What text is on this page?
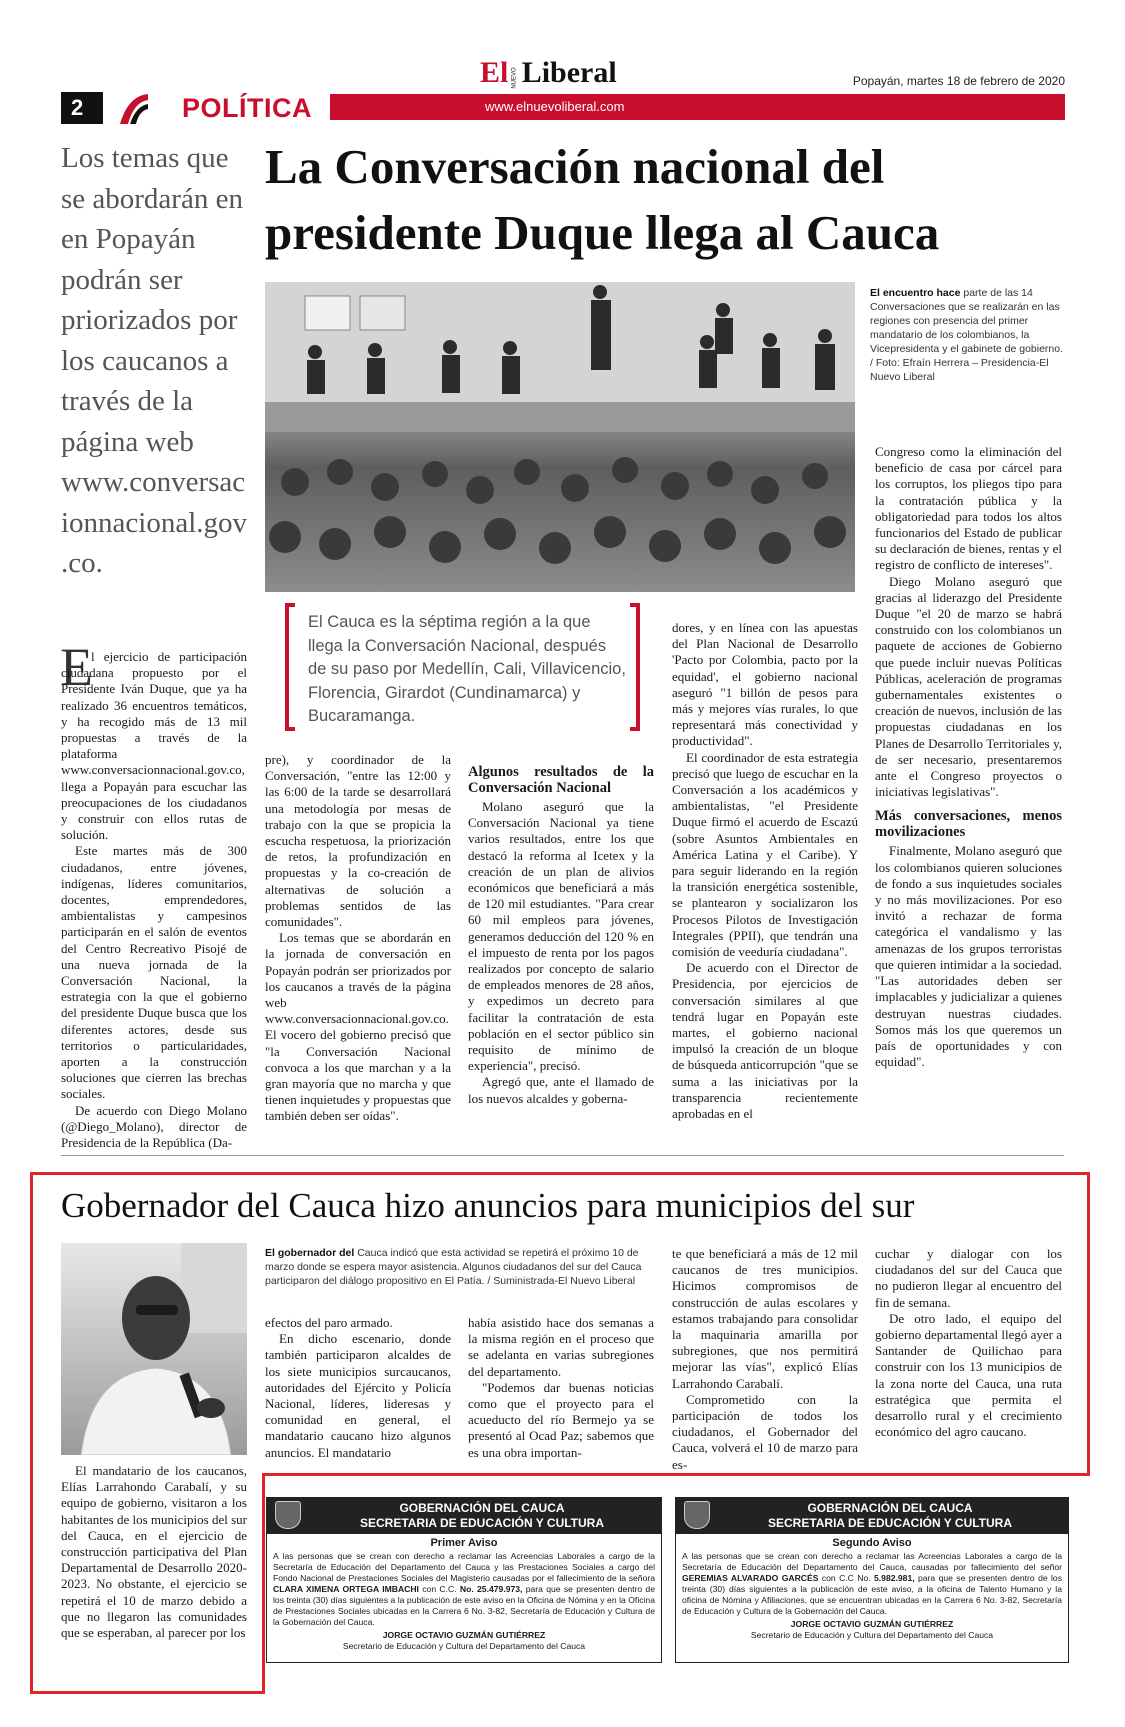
2	POLÍTICA	www.elnuevoliberal.com
El NUEVO Liberal	Popayán, martes 18 de febrero de 2020
La Conversación nacional del
presidente Duque llega al Cauca
Los temas que se abordarán en en Popayán podrán ser priorizados por los caucanos a través de la página web www.conversacionnacional.gov.co.
El encuentro hace parte de las 14 Conversaciones que se realizarán en las regiones con presencia del primer mandatario de los colombianos, la Vicepresidenta y el gabinete de gobierno. / Foto: Efraín Herrera – Presidencia-El Nuevo Liberal
El Cauca es la séptima región a la que llega la Conversación Nacional, después de su paso por Medellín, Cali, Villavicencio, Florencia, Girardot (Cundinamarca) y Bucaramanga.
E

l ejercicio de participación ciudadana propuesto por el Presidente Iván Duque, que ya ha realizado 36 encuentros temáticos, y ha recogido más de 13 mil propuestas a través de la plataforma www.conversacionnacional.gov.co, llega a Popayán para escuchar las preocupaciones de los ciudadanos y construir con ellos rutas de solución.

Este martes más de 300 ciudadanos, entre jóvenes, indígenas, líderes comunitarios, docentes, emprendedores, ambientalistas y campesinos participarán en el salón de eventos del Centro Recreativo Pisojé de una nueva jornada de la Conversación Nacional, la estrategia con la que el gobierno del presidente Duque busca que los diferentes actores, desde sus territorios o particularidades, aporten a la construcción soluciones que cierren las brechas sociales.

De acuerdo con Diego Molano (@Diego_Molano), director de Presidencia de la República (Da-

pre), y coordinador de la Conversación, "entre las 12:00 y las 6:00 de la tarde se desarrollará una metodología por mesas de trabajo con la que se propicia la escucha respetuosa, la priorización de retos, la profundización en propuestas y la co-creación de alternativas de solución a problemas sentidos de las comunidades".

Los temas que se abordarán en la jornada de conversación en Popayán podrán ser priorizados por los caucanos a través de la página web www.conversacionnacional.gov.co. El vocero del gobierno precisó que "la Conversación Nacional convoca a los que marchan y a la gran mayoría que no marcha y que tienen inquietudes y propuestas que también deben ser oídas".

Algunos resultados de la Conversación Nacional

Molano aseguró que la Conversación Nacional ya tiene varios resultados, entre los que destacó la reforma al Icetex y la creación de un plan de alivios económicos que beneficiará a más de 120 mil estudiantes. "Para crear 60 mil empleos para jóvenes, generamos deducción del 120 % en el impuesto de renta por los pagos realizados por concepto de salario de empleados menores de 28 años, y expedimos un decreto para facilitar la contratación de esta población en el sector público sin requisito de mínimo de experiencia", precisó.

Agregó que, ante el llamado de los nuevos alcaldes y goberna-

dores, y en línea con las apuestas del Plan Nacional de Desarrollo 'Pacto por Colombia, pacto por la equidad', el gobierno nacional aseguró "1 billón de pesos para más y mejores vías rurales, lo que representará más conectividad y productividad".

El coordinador de esta estrategia precisó que luego de escuchar en la Conversación a los académicos y ambientalistas, "el Presidente Duque firmó el acuerdo de Escazú (sobre Asuntos Ambientales en América Latina y el Caribe). Y para seguir liderando en la región la transición energética sostenible, se plantearon y socializaron los Procesos Pilotos de Investigación Integrales (PPII), que tendrán una comisión de veeduría ciudadana".

De acuerdo con el Director de Presidencia, por ejercicios de conversación similares al que tendrá lugar en Popayán este martes, el gobierno nacional impulsó la creación de un bloque de búsqueda anticorrupción "que se suma a las iniciativas por la transparencia recientemente aprobadas en el

Congreso como la eliminación del beneficio de casa por cárcel para los corruptos, los pliegos tipo para la contratación pública y la obligatoriedad para todos los altos funcionarios del Estado de publicar su declaración de bienes, rentas y el registro de conflicto de intereses".

Diego Molano aseguró que gracias al liderazgo del Presidente Duque "el 20 de marzo se habrá construido con los colombianos un paquete de acciones de Gobierno que puede incluir nuevas Políticas Públicas, aceleración de programas gubernamentales existentes o creación de nuevos, inclusión de las propuestas ciudadanas en los Planes de Desarrollo Territoriales y, de ser necesario, presentaremos ante el Congreso proyectos o iniciativas legislativas".

Más conversaciones, menos movilizaciones

Finalmente, Molano aseguró que los colombianos quieren soluciones de fondo a sus inquietudes sociales y no más movilizaciones. Por eso invitó a rechazar de forma categórica el vandalismo y las amenazas de los grupos terroristas que quieren intimidar a la sociedad. "Las autoridades deben ser implacables y judicializar a quienes destruyan nuestras ciudades. Somos más los que queremos un país de oportunidades y con equidad".

Gobernador del Cauca hizo anuncios para municipios del sur
El gobernador del Cauca indicó que esta actividad se repetirá el próximo 10 de marzo donde se espera mayor asistencia. Algunos ciudadanos del sur del Cauca participaron del diálogo propositivo en El Patía. / Suministrada-El Nuevo Liberal

El mandatario de los caucanos, Elías Larrahondo Carabalí, y su equipo de gobierno, visitaron a los habitantes de los municipios del sur del Cauca, en el ejercicio de construcción participativa del Plan Departamental de Desarrollo 2020-2023. No obstante, el ejercicio se repetirá el 10 de marzo debido a que no llegaron las comunidades que se esperaban, al parecer por los

efectos del paro armado.

En dicho escenario, donde también participaron alcaldes de los siete municipios surcaucanos, autoridades del Ejército y Policía Nacional, líderes, lideresas y comunidad en general, el mandatario caucano hizo algunos anuncios. El mandatario

había asistido hace dos semanas a la misma región en el proceso que se adelanta en varias subregiones del departamento.

"Podemos dar buenas noticias como que el proyecto para el acueducto del río Bermejo ya se presentó al Ocad Paz; sabemos que es una obra importan-

te que beneficiará a más de 12 mil caucanos de tres municipios. Hicimos compromisos de construcción de aulas escolares y estamos trabajando para consolidar la maquinaria amarilla por subregiones, que nos permitirá mejorar las vías", explicó Elías Larrahondo Carabalí.

Comprometido con la participación de todos los ciudadanos, el Gobernador del Cauca, volverá el 10 de marzo para es-

cuchar y dialogar con los ciudadanos del sur del Cauca que no pudieron llegar al encuentro del fin de semana.

De otro lado, el equipo del gobierno departamental llegó ayer a Santander de Quilichao para construir con los 13 municipios de la zona norte del Cauca, una ruta estratégica que permita el desarrollo rural y el crecimiento económico del agro caucano.

GOBERNACIÓN DEL CAUCA
SECRETARIA DE EDUCACIÓN Y CULTURA
Primer Aviso
A las personas que se crean con derecho a reclamar las Acreencias Laborales a cargo de la Secretaría de Educación del Departamento del Cauca y las Prestaciones Sociales a cargo del Fondo Nacional de Prestaciones Sociales del Magisterio causadas por el fallecimiento de la señora CLARA XIMENA ORTEGA IMBACHI con C.C. No. 25.479.973, para que se presenten dentro de los treinta (30) días siguientes a la publicación de este aviso en la Oficina de Nómina y en la Oficina de Prestaciones Sociales ubicadas en la Carrera 6 No. 3-82, Secretaría de Educación y Cultura de la Gobernación del Cauca.
JORGE OCTAVIO GUZMÁN GUTIÉRREZ
Secretario de Educación y Cultura del Departamento del Cauca
GOBERNACIÓN DEL CAUCA
SECRETARIA DE EDUCACIÓN Y CULTURA
Segundo Aviso
A las personas que se crean con derecho a reclamar las Acreencias Laborales a cargo de la Secretaría de Educación del Departamento del Cauca, causadas por fallecimiento del señor GEREMIAS ALVARADO GARCÉS con C.C No. 5.982.981, para que se presenten dentro de los treinta (30) días siguientes a la publicación de este aviso, a la oficina de Talento Humano y la oficina de Nómina y Afiliaciones, que se encuentran ubicadas en la Carrera 6 No. 3-82, Secretaría de Educación y Cultura de la Gobernación del Cauca.
JORGE OCTAVIO GUZMÁN GUTIÉRREZ
Secretario de Educación y Cultura del Departamento del Cauca
